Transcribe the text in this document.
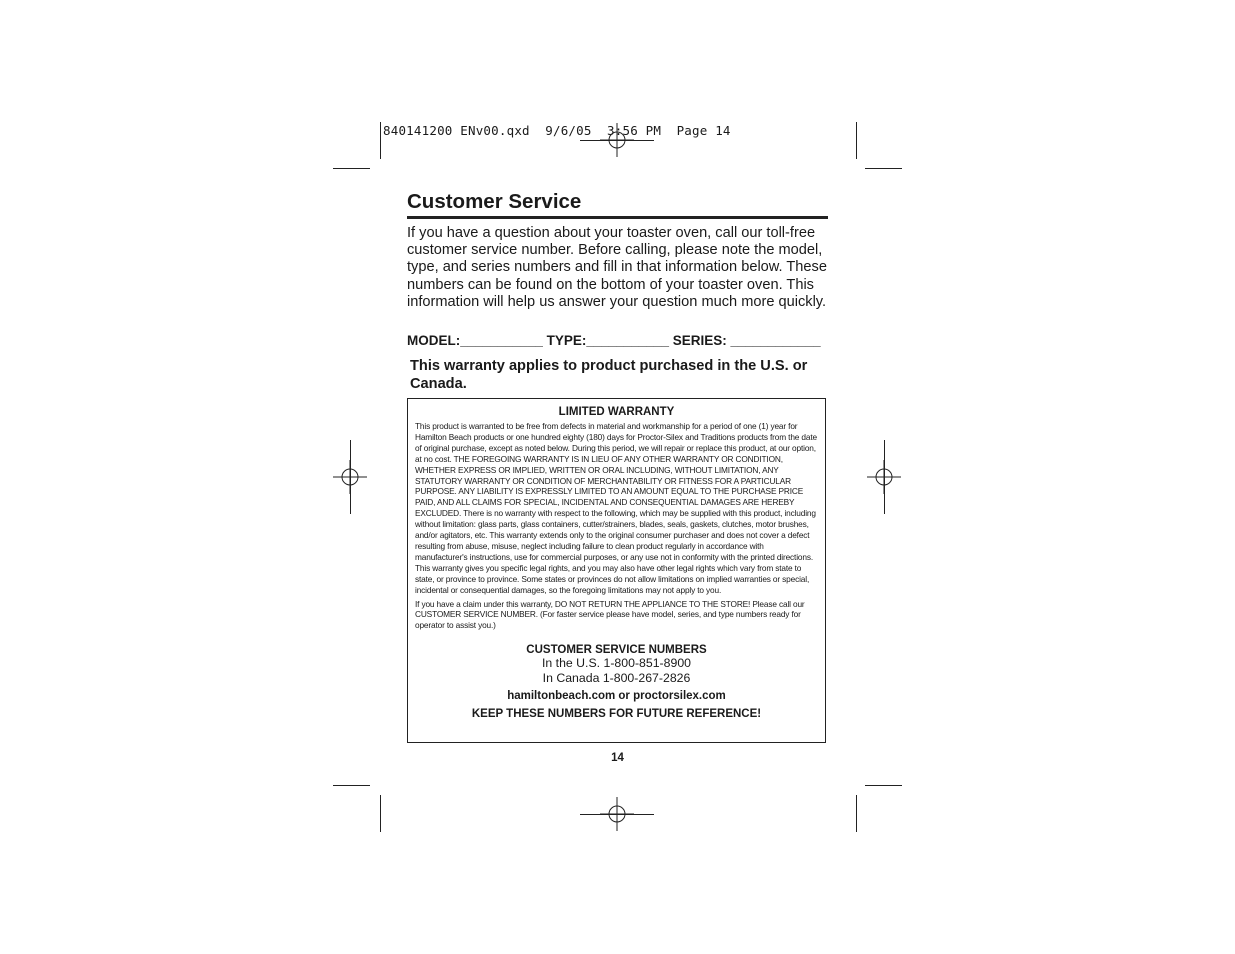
840141200 ENv00.qxd  9/6/05  3:56 PM  Page 14
Customer Service

If you have a question about your toaster oven, call our toll-free customer service number. Before calling, please note the model, type, and series numbers and fill in that information below. These numbers can be found on the bottom of your toaster oven. This information will help us answer your question much more quickly.

MODEL:___________ TYPE:___________ SERIES: ____________

This warranty applies to product purchased in the U.S. or Canada.

LIMITED WARRANTY

This product is warranted to be free from defects in material and workmanship for a period of one (1) year for Hamilton Beach products or one hundred eighty (180) days for Proctor-Silex and Traditions products from the date of original purchase, except as noted below. During this period, we will repair or replace this product, at our option, at no cost. THE FOREGOING WARRANTY IS IN LIEU OF ANY OTHER WARRANTY OR CONDITION, WHETHER EXPRESS OR IMPLIED, WRITTEN OR ORAL INCLUDING, WITHOUT LIMITATION, ANY STATUTORY WARRANTY OR CONDITION OF MERCHANTABILITY OR FITNESS FOR A PARTICULAR PURPOSE. ANY LIABILITY IS EXPRESSLY LIMITED TO AN AMOUNT EQUAL TO THE PURCHASE PRICE PAID, AND ALL CLAIMS FOR SPECIAL, INCIDENTAL AND CONSEQUENTIAL DAMAGES ARE HEREBY EXCLUDED. There is no warranty with respect to the following, which may be supplied with this product, including without limitation: glass parts, glass containers, cutter/strainers, blades, seals, gaskets, clutches, motor brushes, and/or agitators, etc. This warranty extends only to the original consumer purchaser and does not cover a defect resulting from abuse, misuse, neglect including failure to clean product regularly in accordance with manufacturer's instructions, use for commercial purposes, or any use not in conformity with the printed directions. This warranty gives you specific legal rights, and you may also have other legal rights which vary from state to state, or province to province. Some states or provinces do not allow limitations on implied warranties or special, incidental or consequential damages, so the foregoing limitations may not apply to you.

If you have a claim under this warranty, DO NOT RETURN THE APPLIANCE TO THE STORE! Please call our CUSTOMER SERVICE NUMBER. (For faster service please have model, series, and type numbers ready for operator to assist you.)

CUSTOMER SERVICE NUMBERS
In the U.S. 1-800-851-8900
In Canada 1-800-267-2826
hamiltonbeach.com or proctorsilex.com
KEEP THESE NUMBERS FOR FUTURE REFERENCE!
14
